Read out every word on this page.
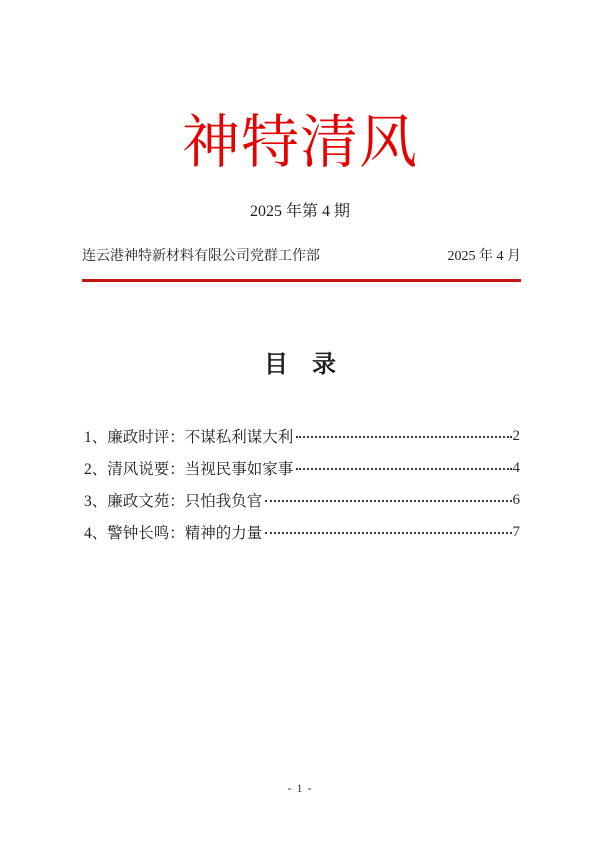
神特清风
2025 年第 4 期
连云港神特新材料有限公司党群工作部	2025 年 4 月
目　录
1、廉政时评：不谋私利谋大利	2
2、清风说要：当视民事如家事	4
3、廉政文苑：只怕我负官	6
4、警钟长鸣：精神的力量	7
- 1 -
